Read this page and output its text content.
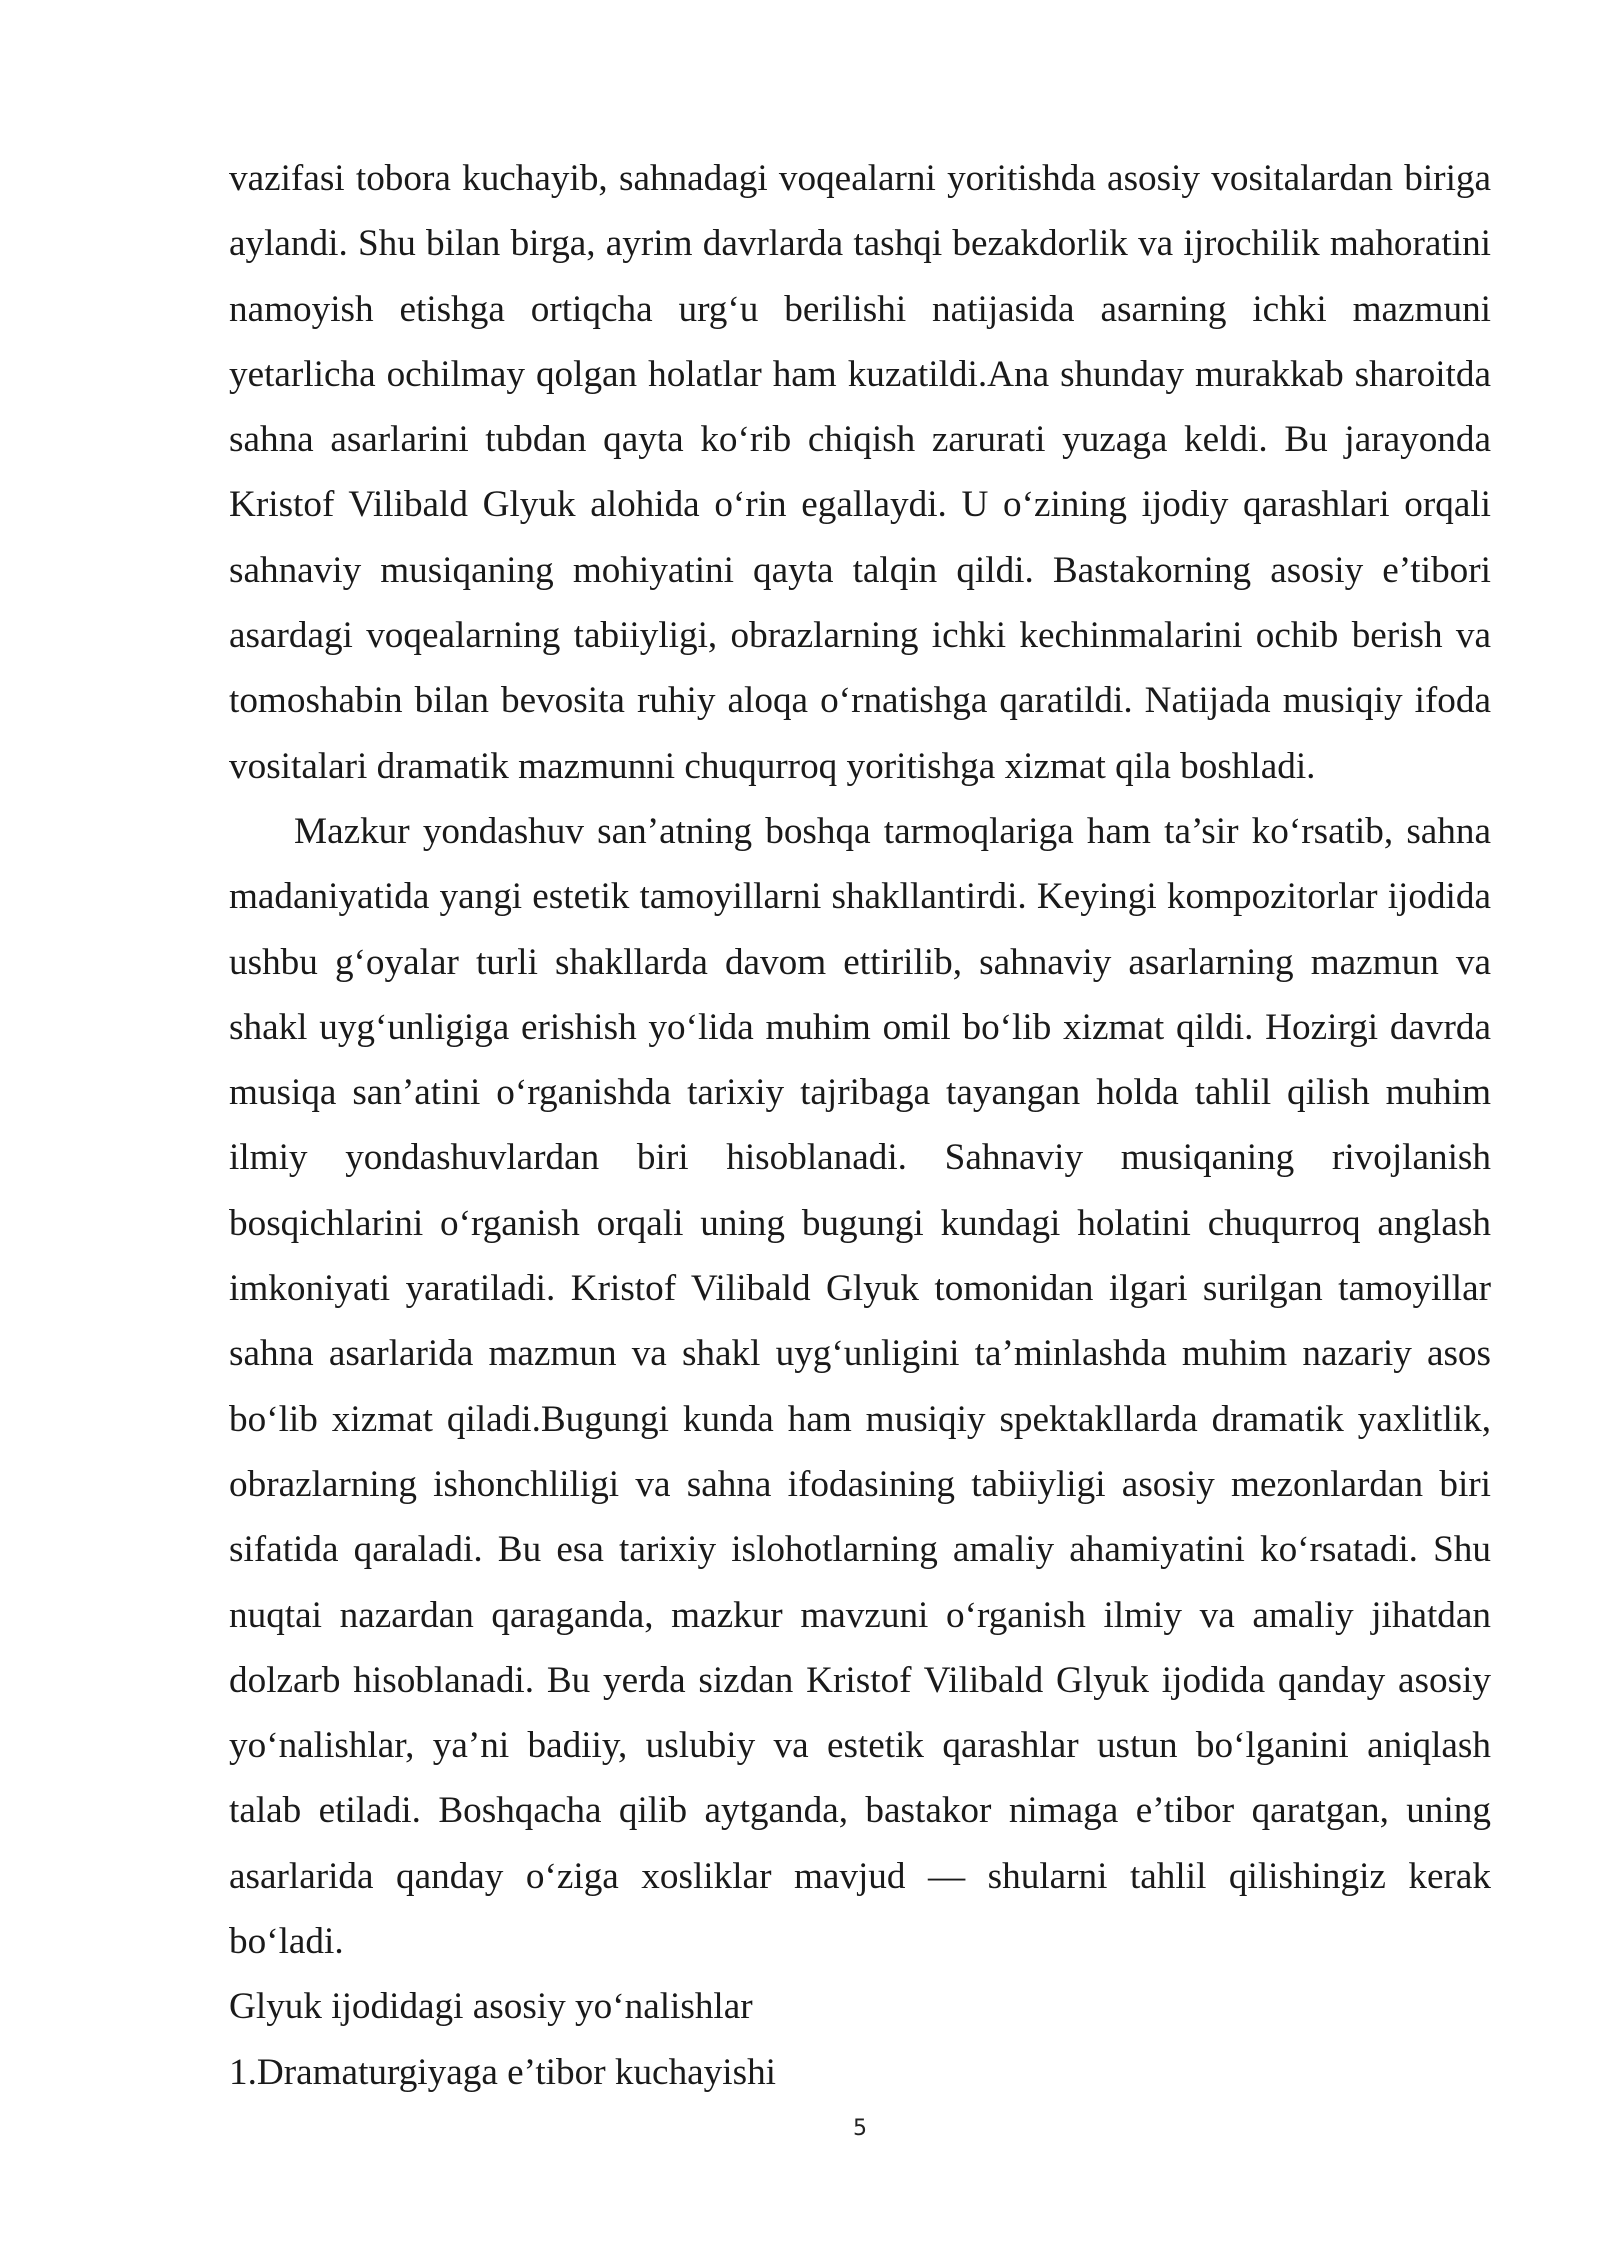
vazifasi tobora kuchayib, sahnadagi voqealarni yoritishda asosiy vositalardan biriga
aylandi. Shu bilan birga, ayrim davrlarda tashqi bezakdorlik va ijrochilik mahoratini
namoyish etishga ortiqcha urg‘u berilishi natijasida asarning ichki mazmuni
yetarlicha ochilmay qolgan holatlar ham kuzatildi.Ana shunday murakkab sharoitda
sahna asarlarini tubdan qayta ko‘rib chiqish zarurati yuzaga keldi. Bu jarayonda
Kristof Vilibald Glyuk alohida o‘rin egallaydi. U o‘zining ijodiy qarashlari orqali
sahnaviy musiqaning mohiyatini qayta talqin qildi. Bastakorning asosiy e’tibori
asardagi voqealarning tabiiyligi, obrazlarning ichki kechinmalarini ochib berish va
tomoshabin bilan bevosita ruhiy aloqa o‘rnatishga qaratildi. Natijada musiqiy ifoda
vositalari dramatik mazmunni chuqurroq yoritishga xizmat qila boshladi.
Mazkur yondashuv san’atning boshqa tarmoqlariga ham ta’sir ko‘rsatib, sahna
madaniyatida yangi estetik tamoyillarni shakllantirdi. Keyingi kompozitorlar ijodida
ushbu g‘oyalar turli shakllarda davom ettirilib, sahnaviy asarlarning mazmun va
shakl uyg‘unligiga erishish yo‘lida muhim omil bo‘lib xizmat qildi. Hozirgi davrda
musiqa san’atini o‘rganishda tarixiy tajribaga tayangan holda tahlil qilish muhim
ilmiy yondashuvlardan biri hisoblanadi. Sahnaviy musiqaning rivojlanish
bosqichlarini o‘rganish orqali uning bugungi kundagi holatini chuqurroq anglash
imkoniyati yaratiladi. Kristof Vilibald Glyuk tomonidan ilgari surilgan tamoyillar
sahna asarlarida mazmun va shakl uyg‘unligini ta’minlashda muhim nazariy asos
bo‘lib xizmat qiladi.Bugungi kunda ham musiqiy spektakllarda dramatik yaxlitlik,
obrazlarning ishonchliligi va sahna ifodasining tabiiyligi asosiy mezonlardan biri
sifatida qaraladi. Bu esa tarixiy islohotlarning amaliy ahamiyatini ko‘rsatadi. Shu
nuqtai nazardan qaraganda, mazkur mavzuni o‘rganish ilmiy va amaliy jihatdan
dolzarb hisoblanadi. Bu yerda sizdan Kristof Vilibald Glyuk ijodida qanday asosiy
yo‘nalishlar, ya’ni badiiy, uslubiy va estetik qarashlar ustun bo‘lganini aniqlash
talab etiladi. Boshqacha qilib aytganda, bastakor nimaga e’tibor qaratgan, uning
asarlarida qanday o‘ziga xosliklar mavjud — shularni tahlil qilishingiz kerak
bo‘ladi.
Glyuk ijodidagi asosiy yo‘nalishlar
1.Dramaturgiyaga e’tibor kuchayishi
5
